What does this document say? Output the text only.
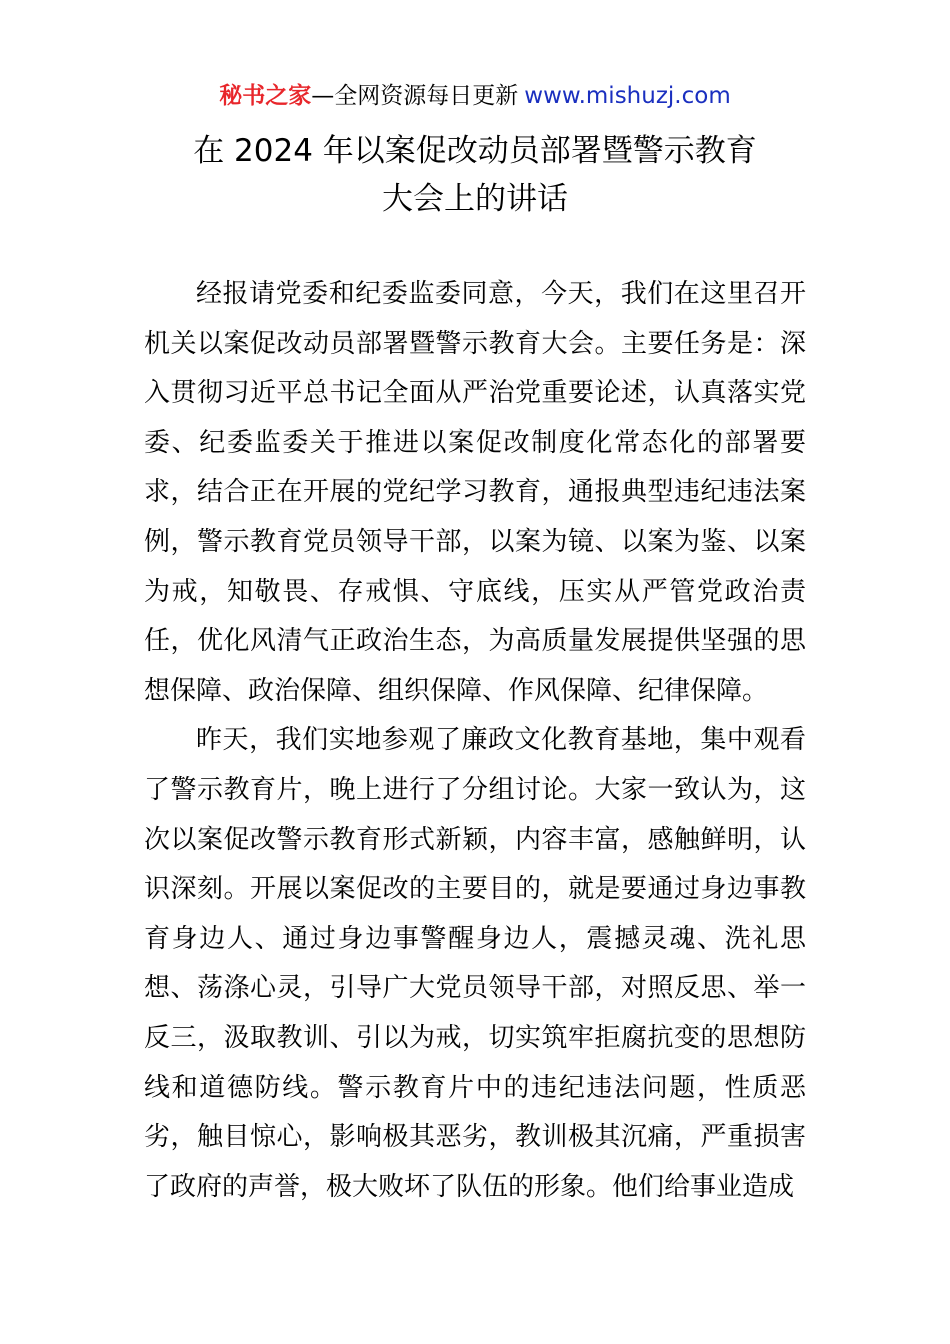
秘书之家—全网资源每日更新 www.mishuzj.com
在 2024 年以案促改动员部署暨警示教育
大会上的讲话

经报请党委和纪委监委同意，今天，我们在这里召开机关以案促改动员部署暨警示教育大会。主要任务是：深入贯彻习近平总书记全面从严治党重要论述，认真落实党委、纪委监委关于推进以案促改制度化常态化的部署要求，结合正在开展的党纪学习教育，通报典型违纪违法案例，警示教育党员领导干部，以案为镜、以案为鉴、以案为戒，知敬畏、存戒惧、守底线，压实从严管党政治责任，优化风清气正政治生态，为高质量发展提供坚强的思想保障、政治保障、组织保障、作风保障、纪律保障。

昨天，我们实地参观了廉政文化教育基地，集中观看了警示教育片，晚上进行了分组讨论。大家一致认为，这次以案促改警示教育形式新颖，内容丰富，感触鲜明，认识深刻。开展以案促改的主要目的，就是要通过身边事教育身边人、通过身边事警醒身边人，震撼灵魂、洗礼思想、荡涤心灵，引导广大党员领导干部，对照反思、举一反三，汲取教训、引以为戒，切实筑牢拒腐抗变的思想防线和道德防线。警示教育片中的违纪违法问题，性质恶劣，触目惊心，影响极其恶劣，教训极其沉痛，严重损害了政府的声誉，极大败坏了队伍的形象。他们给事业造成
